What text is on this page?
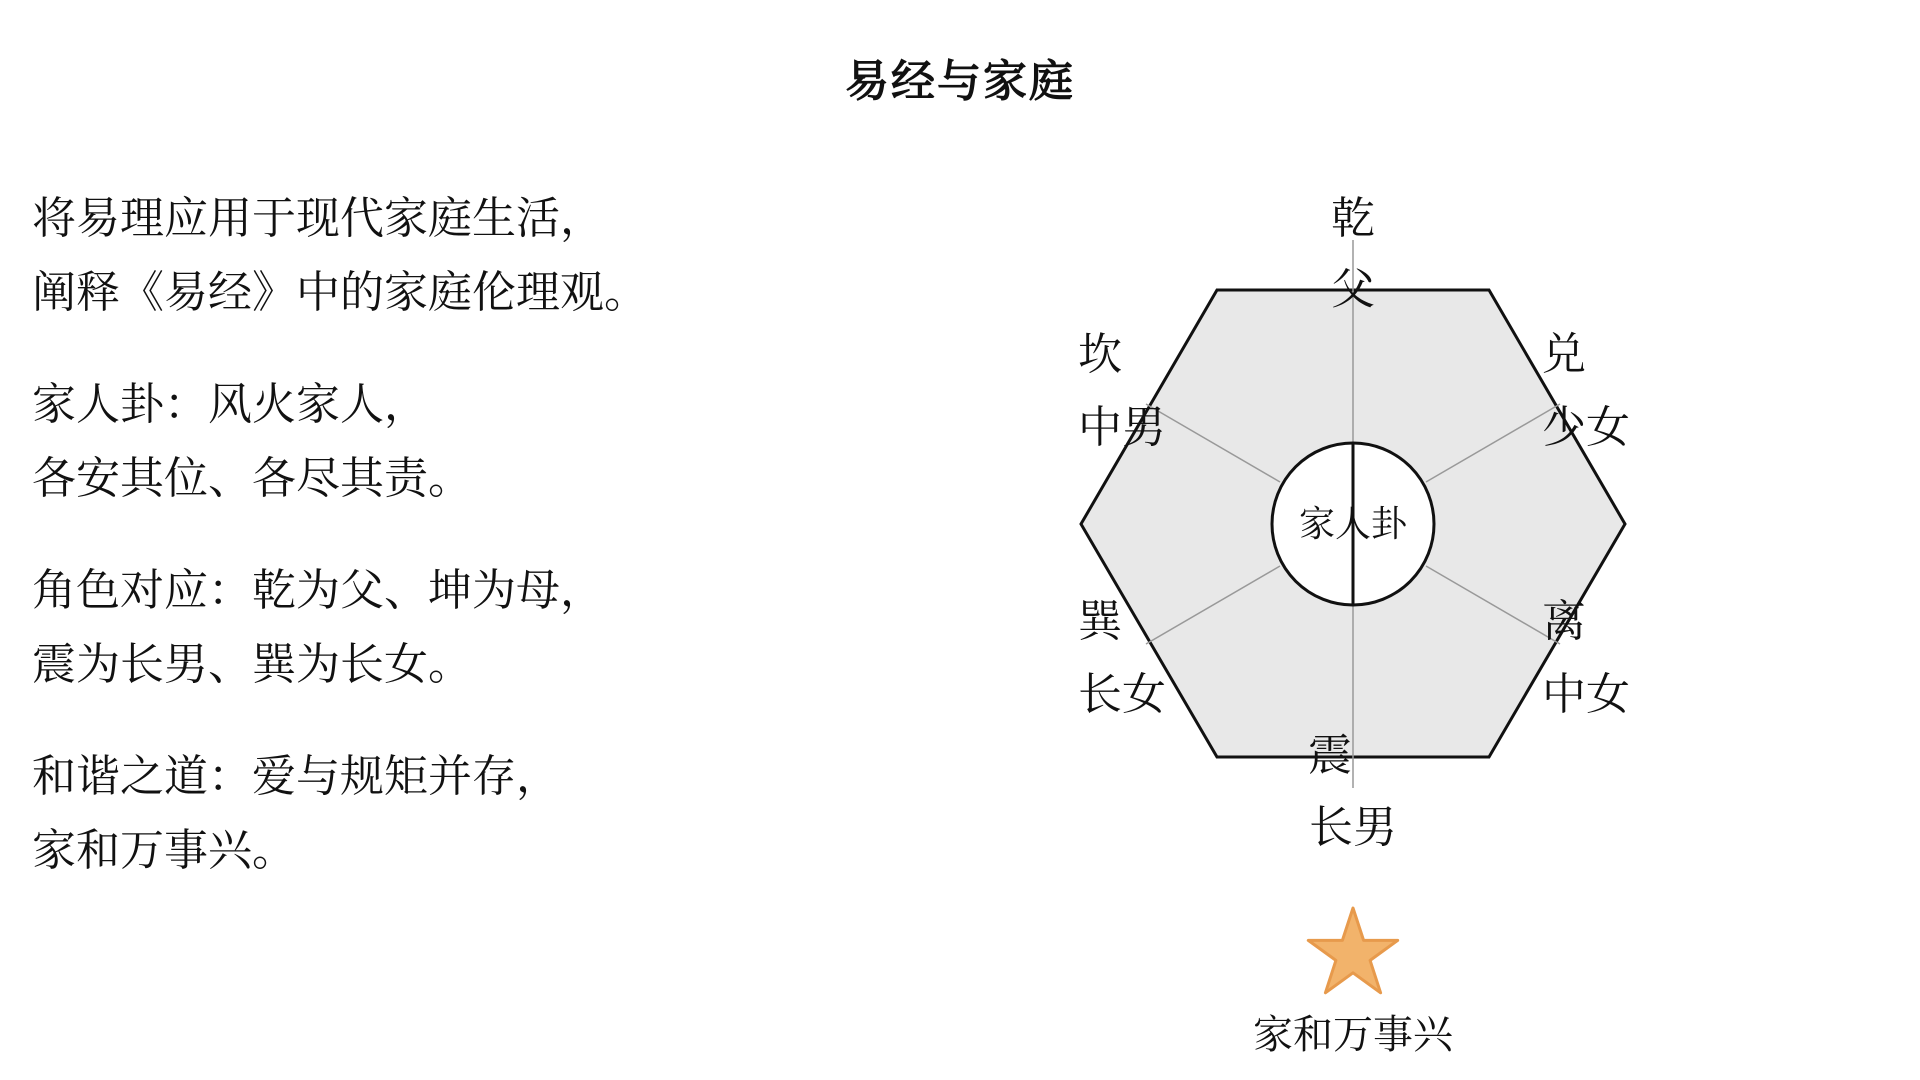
易经与家庭

将易理应用于现代家庭生活，
阐释《易经》中的家庭伦理观。

家人卦：风火家人，
各安其位、各尽其责。

角色对应：乾为父、坤为母，
震为长男、巽为长女。

和谐之道：爱与规矩并存，
家和万事兴。

家人卦
乾
父
兑
少女
坎
中男
离
中女
巽
长女
震
长男
家和万事兴
